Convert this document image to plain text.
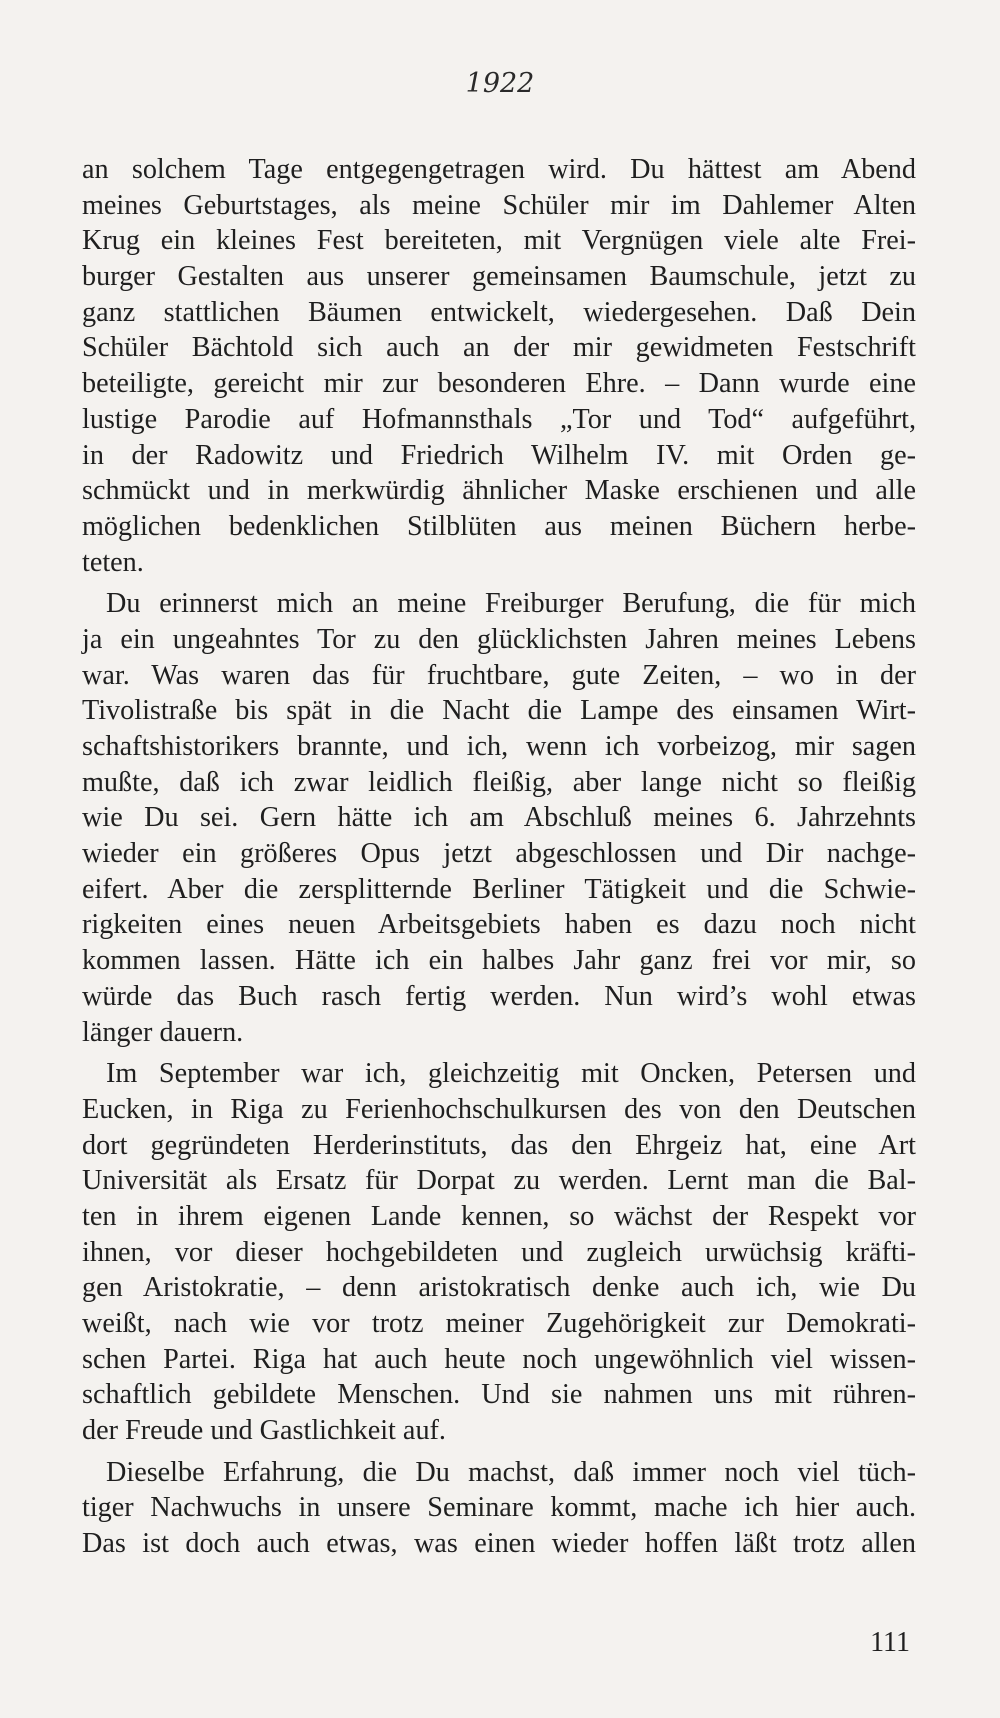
1922
an solchem Tage entgegengetragen wird. Du hättest am Abend
meines Geburtstages, als meine Schüler mir im Dahlemer Alten
Krug ein kleines Fest bereiteten, mit Vergnügen viele alte Frei-
burger Gestalten aus unserer gemeinsamen Baumschule, jetzt zu
ganz stattlichen Bäumen entwickelt, wiedergesehen. Daß Dein
Schüler Bächtold sich auch an der mir gewidmeten Festschrift
beteiligte, gereicht mir zur besonderen Ehre. – Dann wurde eine
lustige Parodie auf Hofmannsthals „Tor und Tod“ aufgeführt,
in der Radowitz und Friedrich Wilhelm IV. mit Orden ge-
schmückt und in merkwürdig ähnlicher Maske erschienen und alle
möglichen bedenklichen Stilblüten aus meinen Büchern herbe-
teten.
Du erinnerst mich an meine Freiburger Berufung, die für mich
ja ein ungeahntes Tor zu den glücklichsten Jahren meines Lebens
war. Was waren das für fruchtbare, gute Zeiten, – wo in der
Tivolistraße bis spät in die Nacht die Lampe des einsamen Wirt-
schaftshistorikers brannte, und ich, wenn ich vorbeizog, mir sagen
mußte, daß ich zwar leidlich fleißig, aber lange nicht so fleißig
wie Du sei. Gern hätte ich am Abschluß meines 6. Jahrzehnts
wieder ein größeres Opus jetzt abgeschlossen und Dir nachge-
eifert. Aber die zersplitternde Berliner Tätigkeit und die Schwie-
rigkeiten eines neuen Arbeitsgebiets haben es dazu noch nicht
kommen lassen. Hätte ich ein halbes Jahr ganz frei vor mir, so
würde das Buch rasch fertig werden. Nun wird’s wohl etwas
länger dauern.
Im September war ich, gleichzeitig mit Oncken, Petersen und
Eucken, in Riga zu Ferienhochschulkursen des von den Deutschen
dort gegründeten Herderinstituts, das den Ehrgeiz hat, eine Art
Universität als Ersatz für Dorpat zu werden. Lernt man die Bal-
ten in ihrem eigenen Lande kennen, so wächst der Respekt vor
ihnen, vor dieser hochgebildeten und zugleich urwüchsig kräfti-
gen Aristokratie, – denn aristokratisch denke auch ich, wie Du
weißt, nach wie vor trotz meiner Zugehörigkeit zur Demokrati-
schen Partei. Riga hat auch heute noch ungewöhnlich viel wissen-
schaftlich gebildete Menschen. Und sie nahmen uns mit rühren-
der Freude und Gastlichkeit auf.
Dieselbe Erfahrung, die Du machst, daß immer noch viel tüch-
tiger Nachwuchs in unsere Seminare kommt, mache ich hier auch.
Das ist doch auch etwas, was einen wieder hoffen läßt trotz allen
111
